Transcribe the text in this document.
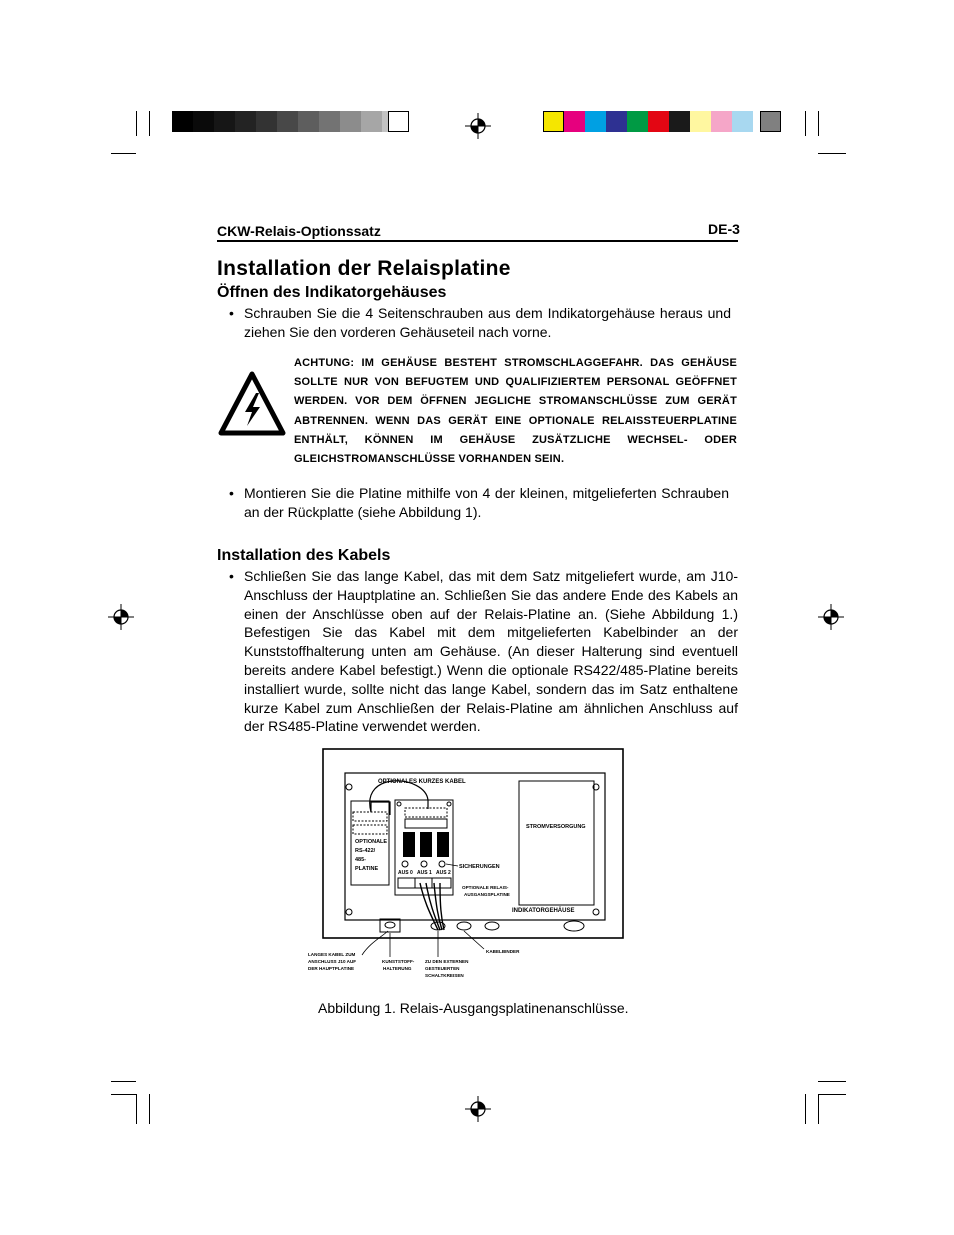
CKW-Relais-Optionssatz	DE-3
Installation der Relaisplatine
Öffnen des Indikatorgehäuses
• Schrauben Sie die 4 Seitenschrauben aus dem Indikatorgehäuse heraus und ziehen Sie den vorderen Gehäuseteil nach vorne.
ACHTUNG: IM GEHÄUSE BESTEHT STROMSCHLAGGEFAHR. DAS GEHÄUSE SOLLTE NUR VON BEFUGTEM UND QUALIFIZIERTEM PERSONAL GEÖFFNET WERDEN. VOR DEM ÖFFNEN JEGLICHE STROMANSCHLÜSSE ZUM GERÄT ABTRENNEN. WENN DAS GERÄT EINE OPTIONALE RELAISSTEUERPLATINE ENTHÄLT, KÖNNEN IM GEHÄUSE ZUSÄTZLICHE WECHSEL- ODER GLEICHSTROMANSCHLÜSSE VORHANDEN SEIN.
• Montieren Sie die Platine mithilfe von 4 der kleinen, mitgelieferten Schrauben an der Rückplatte (siehe Abbildung 1).
Installation des Kabels
• Schließen Sie das lange Kabel, das mit dem Satz mitgeliefert wurde, am J10-Anschluss der Hauptplatine an. Schließen Sie das andere Ende des Kabels an einen der Anschlüsse oben auf der Relais-Platine an. (Siehe Abbildung 1.) Befestigen Sie das Kabel mit dem mitgelieferten Kabelbinder an der Kunststoffhalterung unten am Gehäuse. (An dieser Halterung sind eventuell bereits andere Kabel befestigt.) Wenn die optionale RS422/485-Platine bereits installiert wurde, sollte nicht das lange Kabel, sondern das im Satz enthaltene kurze Kabel zum Anschließen der Relais-Platine am ähnlichen Anschluss auf der RS485-Platine verwendet werden.
OPTIONALES KURZES KABEL
STROMVERSORGUNG
OPTIONALE
RS-422/
485-
PLATINE	SICHERUNGEN
AUS 0 AUS 1 AUS 2
OPTIONALE RELAIS-
AUSGANGSPLATINE
INDIKATORGEHÄUSE
LANGES KABEL ZUM
ANSCHLUSS J10 AUF
DER HAUPTPLATINE
KUNSTSTOFF-
HALTERUNG
ZU DEN EXTERNEN
GESTEUERTEN
SCHALTKREISEN
KABELBINDER
Abbildung 1. Relais-Ausgangsplatinenanschlüsse.
